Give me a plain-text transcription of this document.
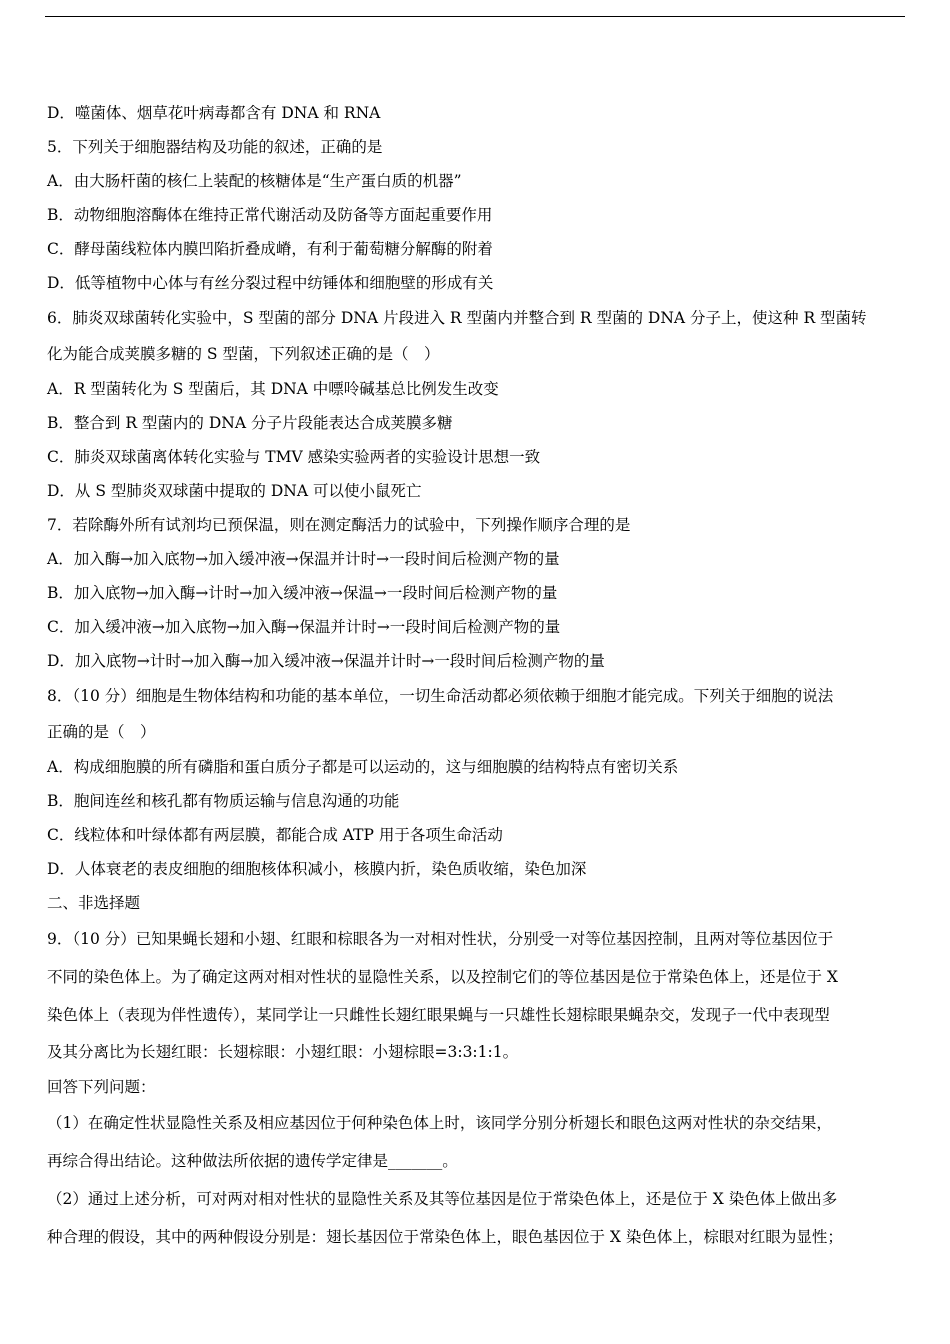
D．噬菌体、烟草花叶病毒都含有 DNA 和 RNA
5．下列关于细胞器结构及功能的叙述，正确的是
A．由大肠杆菌的核仁上装配的核糖体是“生产蛋白质的机器”
B．动物细胞溶酶体在维持正常代谢活动及防备等方面起重要作用
C．酵母菌线粒体内膜凹陷折叠成嵴，有利于葡萄糖分解酶的附着
D．低等植物中心体与有丝分裂过程中纺锤体和细胞壁的形成有关
6．肺炎双球菌转化实验中，S 型菌的部分 DNA 片段进入 R 型菌内并整合到 R 型菌的 DNA 分子上，使这种 R 型菌转
化为能合成荚膜多糖的 S 型菌，下列叙述正确的是（　）
A．R 型菌转化为 S 型菌后，其 DNA 中嘌呤碱基总比例发生改变
B．整合到 R 型菌内的 DNA 分子片段能表达合成荚膜多糖
C．肺炎双球菌离体转化实验与 TMV 感染实验两者的实验设计思想一致
D．从 S 型肺炎双球菌中提取的 DNA 可以使小鼠死亡
7．若除酶外所有试剂均已预保温，则在测定酶活力的试验中，下列操作顺序合理的是
A．加入酶→加入底物→加入缓冲液→保温并计时→一段时间后检测产物的量
B．加入底物→加入酶→计时→加入缓冲液→保温→一段时间后检测产物的量
C．加入缓冲液→加入底物→加入酶→保温并计时→一段时间后检测产物的量
D．加入底物→计时→加入酶→加入缓冲液→保温并计时→一段时间后检测产物的量
8．（10 分）细胞是生物体结构和功能的基本单位，一切生命活动都必须依赖于细胞才能完成。下列关于细胞的说法
正确的是（　）
A．构成细胞膜的所有磷脂和蛋白质分子都是可以运动的，这与细胞膜的结构特点有密切关系
B．胞间连丝和核孔都有物质运输与信息沟通的功能
C．线粒体和叶绿体都有两层膜，都能合成 ATP 用于各项生命活动
D．人体衰老的表皮细胞的细胞核体积减小，核膜内折，染色质收缩，染色加深
二、非选择题
9．（10 分）已知果蝇长翅和小翅、红眼和棕眼各为一对相对性状，分别受一对等位基因控制，且两对等位基因位于
不同的染色体上。为了确定这两对相对性状的显隐性关系，以及控制它们的等位基因是位于常染色体上，还是位于 X
染色体上（表现为伴性遗传），某同学让一只雌性长翅红眼果蝇与一只雄性长翅棕眼果蝇杂交，发现子一代中表现型
及其分离比为长翅红眼：长翅棕眼：小翅红眼：小翅棕眼=3:3:1:1。
回答下列问题：
（1）在确定性状显隐性关系及相应基因位于何种染色体上时，该同学分别分析翅长和眼色这两对性状的杂交结果，
再综合得出结论。这种做法所依据的遗传学定律是_______。
（2）通过上述分析，可对两对相对性状的显隐性关系及其等位基因是位于常染色体上，还是位于 X 染色体上做出多
种合理的假设，其中的两种假设分别是：翅长基因位于常染色体上，眼色基因位于 X 染色体上，棕眼对红眼为显性；
